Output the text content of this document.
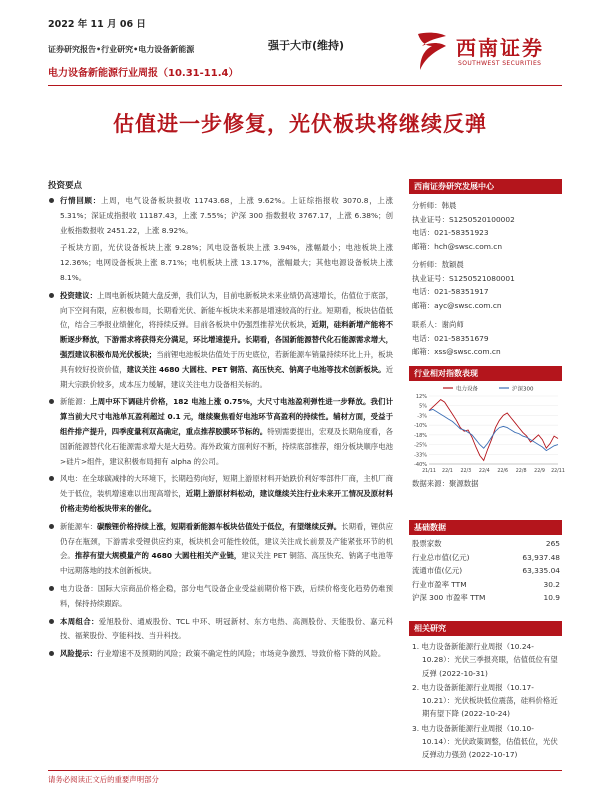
2022 年 11 月 06 日
证券研究报告•行业研究•电力设备新能源
电力设备新能源行业周报（10.31-11.4）
强于大市(维持)	西南证券
SOUTHWEST SECURITIES
估值进一步修复，光伏板块将继续反弹
投资要点
行情回顾：上周，电气设备板块报收 11743.68，上涨 9.62%。上证综指报收 3070.8，上涨 5.31%；深证成指报收 11187.43，上涨 7.55%；沪深 300 指数报收 3767.17，上涨 6.38%；创业板指数报收 2451.22，上涨 8.92%。
子板块方面，光伏设备板块上涨 9.28%；风电设备板块上涨 3.94%，涨幅最小；电池板块上涨 12.36%；电网设备板块上涨 8.71%；电机板块上涨 13.17%，涨幅最大；其他电源设备板块上涨 8.1%。
投资建议：上周电新板块随大盘反弹，我们认为，目前电新板块未来业绩仍高速增长，估值位于底部，向下空间有限，应积极布局，长期看光伏、新能车板块未来都是增速较高的行业。短期看，板块估值低位，结合三季报业绩催化，将持续反弹。目前各板块中仍强烈推荐光伏板块，近期，硅料新增产能将不断逐步释放，下游需求将获得充分满足，环比增速提升。长期看，各国新能源替代化石能源需求增大，强烈建议积极布局光伏板块；当前锂电池板块估值处于历史底位，若新能源车销量持续环比上升，板块具有较好投资价值，建议关注 4680 大圆柱、PET 铜箔、高压快充、钠离子电池等技术创新板块。近期大宗跌价较多，成本压力缓解，建议关注电力设备相关标的。
新能源：上周中环下调硅片价格，182 电池上涨 0.75%，大尺寸电池盈利弹性进一步释放。我们计算当前大尺寸电池单瓦盈利超过 0.1 元，继续聚焦看好电池环节高盈利的持续性。辅材方面，受益于组件排产提升，四季度量利双高确定，重点推荐胶膜环节标的。特别需要提出，宏观及长期角度看，各国新能源替代化石能源需求增大是大趋势。海外政策方面利好不断，持续底部推荐，细分板块顺序电池>硅片>组件，建议积极布局拥有 alpha 的公司。
风电：在全球碳减排的大环境下，长期趋势向好，短期上游原材料开始跌价利好零部件厂商，主机厂商处于低位，装机增速难以出现高增长，近期上游原材料松动，建议继续关注行业未来开工情况及原材料价格走势给板块带来的催化。
新能源车：碳酸锂价格持续上涨，短期看新能源车板块估值处于低位，有望继续反弹。长期看，锂供应仍存在瓶颈，下游需求受锂供应约束，板块机会可能性较低，建议关注成长前景及产能紧张环节的机会。推荐有望大规模量产的 4680 大圆柱相关产业链，建议关注 PET 铜箔、高压快充、钠离子电池等中远期落地的技术创新板块。
电力设备：国际大宗商品价格企稳，部分电气设备企业受益前期价格下跌，后续价格变化趋势仍难预料，保持持续跟踪。
本周组合：爱旭股份、通威股份、TCL 中环、明冠新材、东方电热、高测股份、天能股份、嘉元科技、福莱股份、亨能科技、当升科技。
风险提示：行业增速不及预期的风险；政策不确定性的风险；市场竞争激烈、导致价格下降的风险。
西南证券研究发展中心
分析师：韩晨
执业证号：S1250520100002
电话：021-58351923
邮箱：hch@swsc.com.cn
分析师：敖颖晨
执业证号：S1250521080001
电话：021-58351917
邮箱：ayc@swsc.com.cn
联系人：谢尚师
电话：021-58351679
邮箱：xss@swsc.com.cn
行业相对指数表现
电力设备	沪深300
12%
5%
-3%
-10%
-18%
-25%
-33%
-40%
21/11 22/1 22/3 22/4 22/6 22/8 22/9 22/11
数据来源：聚源数据
基础数据
股票家数	265
行业总市值(亿元)	63,937.48
流通市值(亿元)	63,335.04
行业市盈率 TTM	30.2
沪深 300 市盈率 TTM	10.9
相关研究
1. 电力设备新能源行业周报（10.24-10.28）：光伏三季报亮眼，估值低位有望反弹 (2022-10-31)
2. 电力设备新能源行业周报（10.17-10.21）：光伏板块低位震荡，硅料价格近期有望下降 (2022-10-24)
3. 电力设备新能源行业周报（10.10-10.14）：光伏政策调整，估值低位，光伏反弹动力强劲 (2022-10-17)
请务必阅读正文后的重要声明部分
